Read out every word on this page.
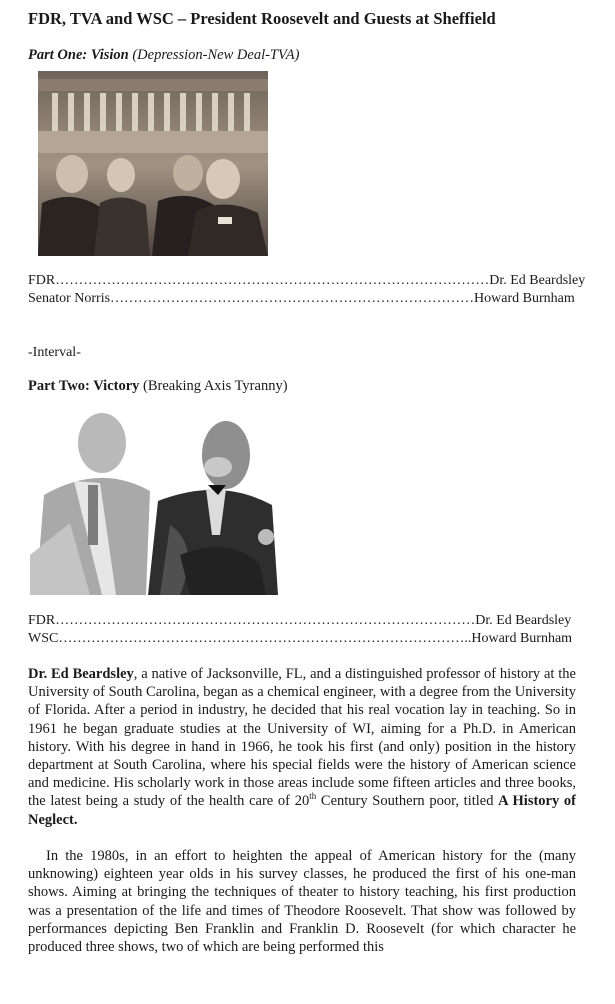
FDR, TVA and WSC – President Roosevelt and Guests at Sheffield
Part One: Vision (Depression-New Deal-TVA)
FDR…………………………………………………………………………………Dr. Ed Beardsley
Senator Norris……………………………………………………………………Howard Burnham
-Interval-
Part Two: Victory (Breaking Axis Tyranny)
FDR………………………………………………………………………………Dr. Ed Beardsley
WSC……………………………………………………………………………..Howard Burnham

Dr. Ed Beardsley, a native of Jacksonville, FL, and a distinguished professor of history at the University of South Carolina, began as a chemical engineer, with a degree from the University of Florida. After a period in industry, he decided that his real vocation lay in teaching. So in 1961 he began graduate studies at the University of WI, aiming for a Ph.D. in American history. With his degree in hand in 1966, he took his first (and only) position in the history department at South Carolina, where his special fields were the history of American science and medicine. His scholarly work in those areas include some fifteen articles and three books, the latest being a study of the health care of 20th Century Southern poor, titled A History of Neglect.

In the 1980s, in an effort to heighten the appeal of American history for the (many unknowing) eighteen year olds in his survey classes, he produced the first of his one-man shows. Aiming at bringing the techniques of theater to history teaching, his first production was a presentation of the life and times of Theodore Roosevelt. That show was followed by performances depicting Ben Franklin and Franklin D. Roosevelt (for which character he produced three shows, two of which are being performed this
